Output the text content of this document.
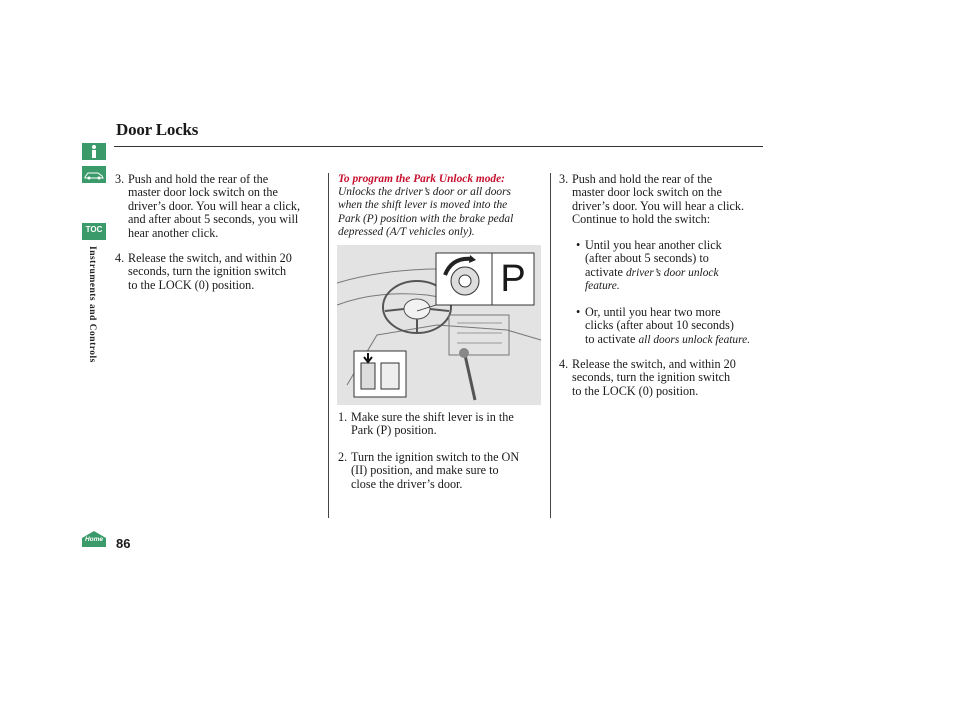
Door Locks
TOC
Instruments and Controls
Home 86
3. Push and hold the rear of the
master door lock switch on the
driver’s door. You will hear a click,
and after about 5 seconds, you will
hear another click.
4. Release the switch, and within 20
seconds, turn the ignition switch
to the LOCK (0) position.
To program the Park Unlock mode:
Unlocks the driver’s door or all doors
when the shift lever is moved into the
Park (P) position with the brake pedal
depressed (A/T vehicles only).
P
1. Make sure the shift lever is in the
Park (P) position.
2. Turn the ignition switch to the ON
(II) position, and make sure to
close the driver’s door.
3. Push and hold the rear of the
master door lock switch on the
driver’s door. You will hear a click.
Continue to hold the switch:
• Until you hear another click
(after about 5 seconds) to
activate driver’s door unlock
feature.
• Or, until you hear two more
clicks (after about 10 seconds)
to activate all doors unlock feature.
4. Release the switch, and within 20
seconds, turn the ignition switch
to the LOCK (0) position.
